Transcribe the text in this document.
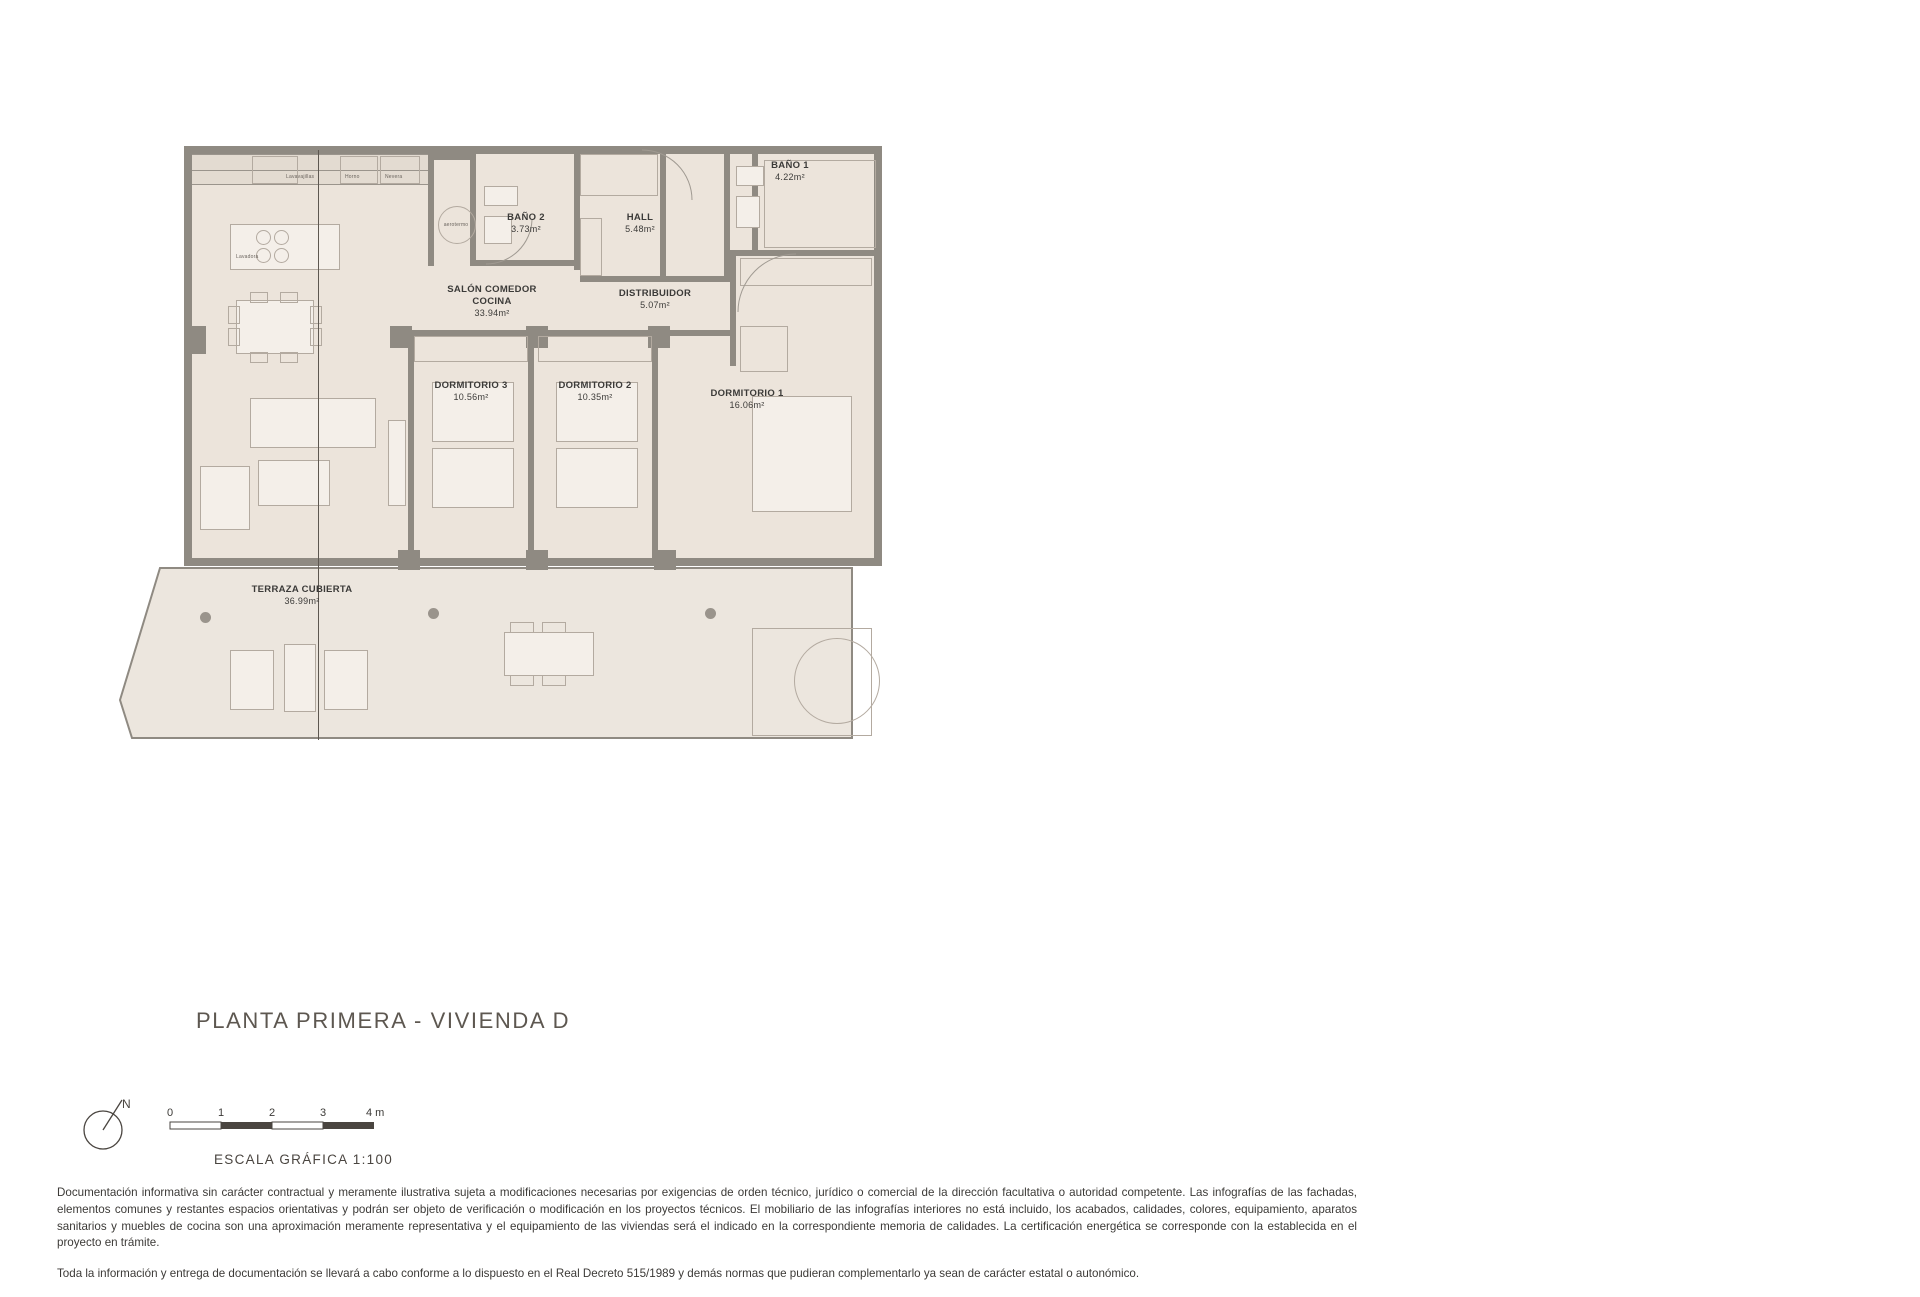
Lavavajillas	Horno	Nevera
Lavadora
aerotermo
SALÓN COMEDOR
COCINA
33.94m²
BAÑO 2
3.73m²
HALL
5.48m²
BAÑO 1
4.22m²
DISTRIBUIDOR
5.07m²
DORMITORIO 3
10.56m²
DORMITORIO 2
10.35m²	DORMITORIO 1
16.06m²
TERRAZA CUBIERTA
36.99m²
PLANTA PRIMERA - VIVIENDA D
N
0	1	2	3	4 m
ESCALA GRÁFICA 1:100

Documentación informativa sin carácter contractual y meramente ilustrativa sujeta a modificaciones necesarias por exigencias de orden técnico, jurídico o comercial de la dirección facultativa o autoridad competente. Las infografías de las fachadas, elementos comunes y restantes espacios orientativas y podrán ser objeto de verificación o modificación en los proyectos técnicos. El mobiliario de las infografías interiores no está incluido, los acabados, calidades, colores, equipamiento, aparatos sanitarios y muebles de cocina son una aproximación meramente representativa y el equipamiento de las viviendas será el indicado en la correspondiente memoria de calidades. La certificación energética se corresponde con la establecida en el proyecto en trámite.

Toda la información y entrega de documentación se llevará a cabo conforme a lo dispuesto en el Real Decreto 515/1989 y demás normas que pudieran complementarlo ya sean de carácter estatal o autonómico.
